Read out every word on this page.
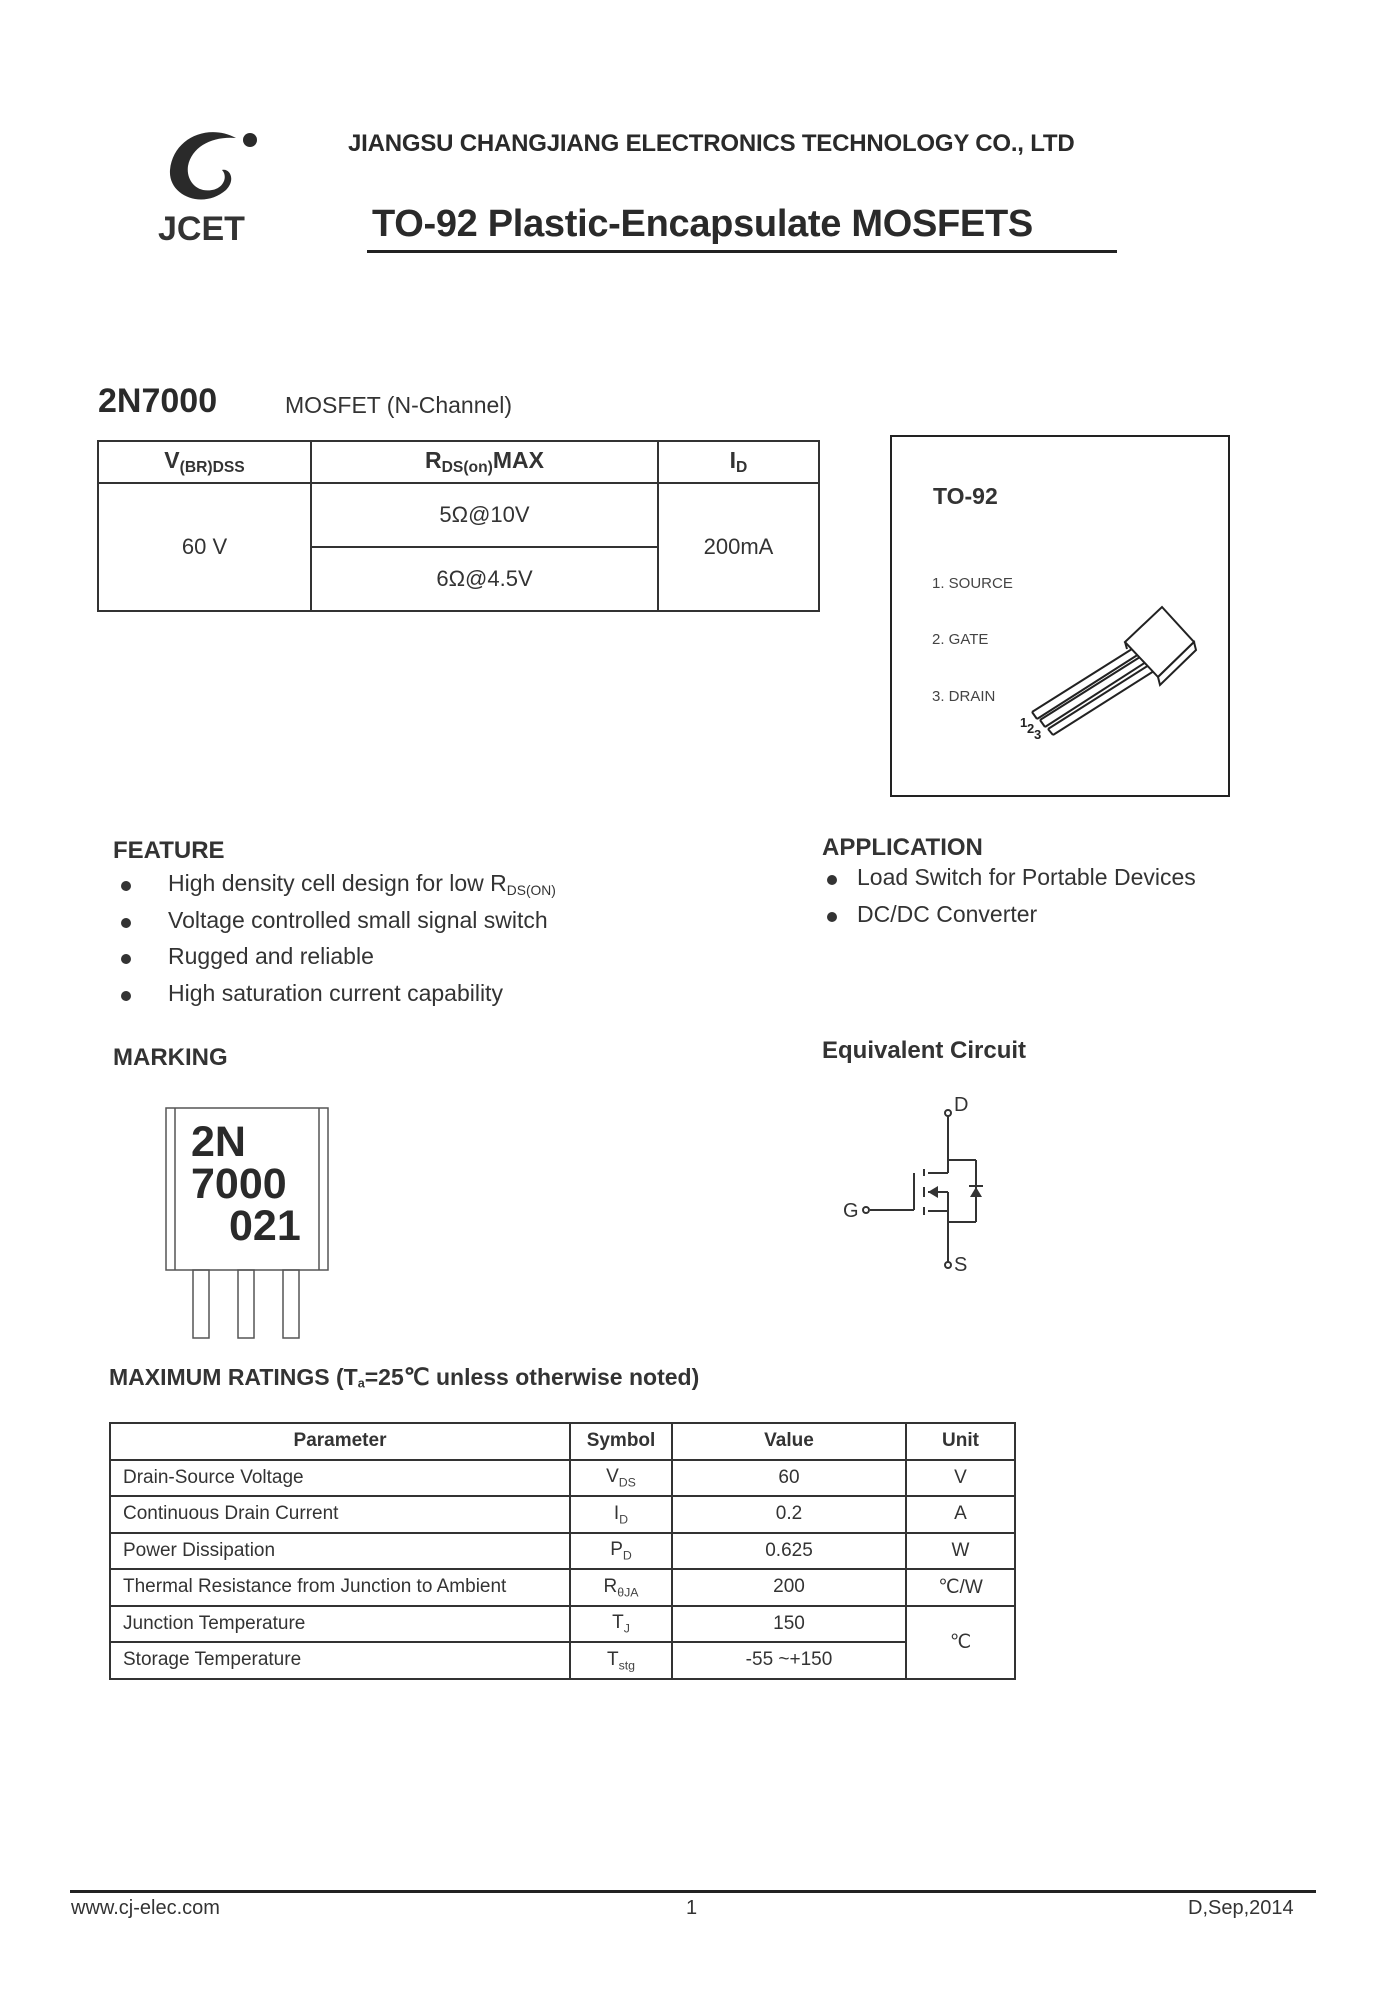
JCET
JIANGSU CHANGJIANG ELECTRONICS TECHNOLOGY CO., LTD
TO-92 Plastic-Encapsulate MOSFETS
2N7000	MOSFET (N-Channel)
$V_{(BR)DSS}$	$R_{DS(on)}MAX$	$I_D$
60 V	5Ω@10V	200mA
	6Ω@4.5V	
TO-92
1. SOURCE
2. GATE
3. DRAIN
1 2 3
FEATURE
High density cell design for low $R_{DS(ON)}$
Voltage controlled small signal switch
Rugged and reliable
High saturation current capability
APPLICATION
Load Switch for Portable Devices
DC/DC Converter
MARKING
2N
7000
021
Equivalent Circuit
D
G
S
MAXIMUM RATINGS ($T_a=25℃$ unless otherwise noted)
Parameter	Symbol	Value	Unit
Drain-Source Voltage	$V_{DS}$	60	V
Continuous Drain Current	$I_D$	0.2	A
Power Dissipation	$P_D$	0.625	W
Thermal Resistance from Junction to Ambient	$R_{\theta JA}$	200	℃/W
Junction Temperature	$T_J$	150	℃
Storage Temperature	$T_{stg}$	-55 ~+150	
www.cj-elec.com	1	D,Sep,2014
